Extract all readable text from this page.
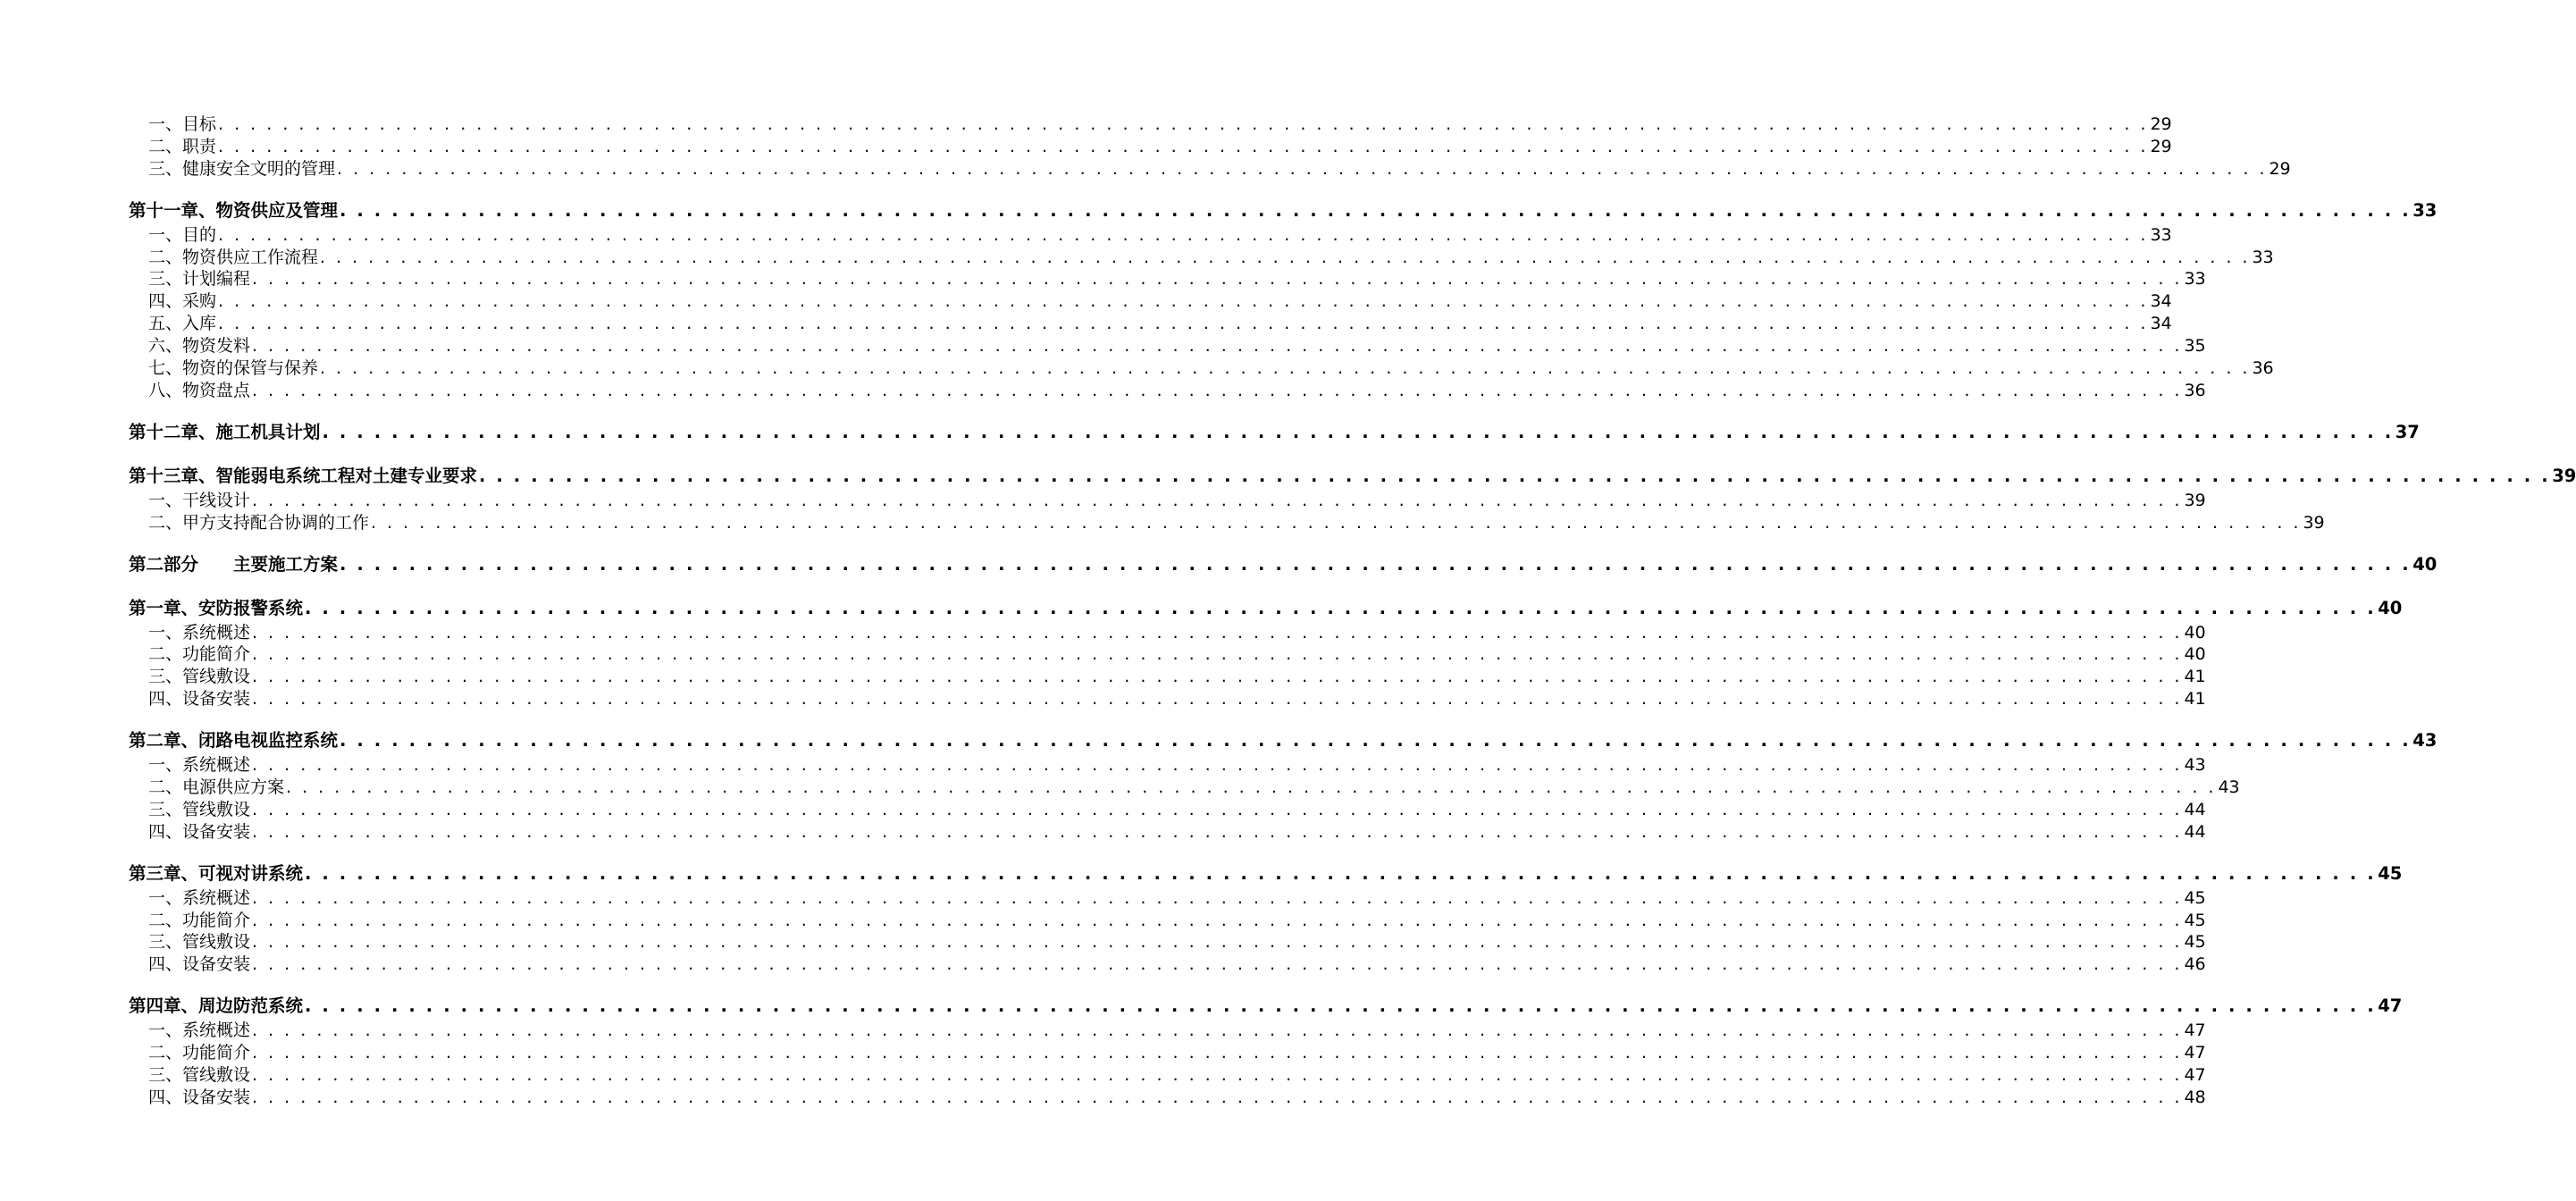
一、目标 . . . . . . . . . . . . . . . . . . . . . . . . . . . . . . . . . . . . . . . . . . . . . . . . . . . . . . . . . . . . . . . . . . . . . . . . . . . . . . . . . . . . . . . . . . . . . . . . . . . . . . . . . . . . . . . . . . . . . . . . 29
二、职责 . . . . . . . . . . . . . . . . . . . . . . . . . . . . . . . . . . . . . . . . . . . . . . . . . . . . . . . . . . . . . . . . . . . . . . . . . . . . . . . . . . . . . . . . . . . . . . . . . . . . . . . . . . . . . . . . . . . . . . . . 29
三、健康安全文明的管理 . . . . . . . . . . . . . . . . . . . . . . . . . . . . . . . . . . . . . . . . . . . . . . . . . . . . . . . . . . . . . . . . . . . . . . . . . . . . . . . . . . . . . . . . . . . . . . . . . . . . . . . . . . . . . . . . . . . . . . . . 29
第十一章、物资供应及管理 . . . . . . . . . . . . . . . . . . . . . . . . . . . . . . . . . . . . . . . . . . . . . . . . . . . . . . . . . . . . . . . . . . . . . . . . . . . . . . . . . . . . . . . . . . . . . . . . . . . . . . . . . . . . . . . . . . . . . . . . 33
一、目的 . . . . . . . . . . . . . . . . . . . . . . . . . . . . . . . . . . . . . . . . . . . . . . . . . . . . . . . . . . . . . . . . . . . . . . . . . . . . . . . . . . . . . . . . . . . . . . . . . . . . . . . . . . . . . . . . . . . . . . . . 33
二、物资供应工作流程 . . . . . . . . . . . . . . . . . . . . . . . . . . . . . . . . . . . . . . . . . . . . . . . . . . . . . . . . . . . . . . . . . . . . . . . . . . . . . . . . . . . . . . . . . . . . . . . . . . . . . . . . . . . . . . . . . . . . . . . . 33
三、计划编程 . . . . . . . . . . . . . . . . . . . . . . . . . . . . . . . . . . . . . . . . . . . . . . . . . . . . . . . . . . . . . . . . . . . . . . . . . . . . . . . . . . . . . . . . . . . . . . . . . . . . . . . . . . . . . . . . . . . . . . . . 33
四、采购 . . . . . . . . . . . . . . . . . . . . . . . . . . . . . . . . . . . . . . . . . . . . . . . . . . . . . . . . . . . . . . . . . . . . . . . . . . . . . . . . . . . . . . . . . . . . . . . . . . . . . . . . . . . . . . . . . . . . . . . . 34
五、入库 . . . . . . . . . . . . . . . . . . . . . . . . . . . . . . . . . . . . . . . . . . . . . . . . . . . . . . . . . . . . . . . . . . . . . . . . . . . . . . . . . . . . . . . . . . . . . . . . . . . . . . . . . . . . . . . . . . . . . . . . 34
六、物资发料 . . . . . . . . . . . . . . . . . . . . . . . . . . . . . . . . . . . . . . . . . . . . . . . . . . . . . . . . . . . . . . . . . . . . . . . . . . . . . . . . . . . . . . . . . . . . . . . . . . . . . . . . . . . . . . . . . . . . . . . . 35
七、物资的保管与保养 . . . . . . . . . . . . . . . . . . . . . . . . . . . . . . . . . . . . . . . . . . . . . . . . . . . . . . . . . . . . . . . . . . . . . . . . . . . . . . . . . . . . . . . . . . . . . . . . . . . . . . . . . . . . . . . . . . . . . . . . 36
八、物资盘点 . . . . . . . . . . . . . . . . . . . . . . . . . . . . . . . . . . . . . . . . . . . . . . . . . . . . . . . . . . . . . . . . . . . . . . . . . . . . . . . . . . . . . . . . . . . . . . . . . . . . . . . . . . . . . . . . . . . . . . . . 36
第十二章、施工机具计划 . . . . . . . . . . . . . . . . . . . . . . . . . . . . . . . . . . . . . . . . . . . . . . . . . . . . . . . . . . . . . . . . . . . . . . . . . . . . . . . . . . . . . . . . . . . . . . . . . . . . . . . . . . . . . . . . . . . . . . . . 37
第十三章、智能弱电系统工程对土建专业要求 . . . . . . . . . . . . . . . . . . . . . . . . . . . . . . . . . . . . . . . . . . . . . . . . . . . . . . . . . . . . . . . . . . . . . . . . . . . . . . . . . . . . . . . . . . . . . . . . . . . . . . . . . . . . . . . . . . . . . . . . 39
一、干线设计 . . . . . . . . . . . . . . . . . . . . . . . . . . . . . . . . . . . . . . . . . . . . . . . . . . . . . . . . . . . . . . . . . . . . . . . . . . . . . . . . . . . . . . . . . . . . . . . . . . . . . . . . . . . . . . . . . . . . . . . . 39
二、甲方支持配合协调的工作 . . . . . . . . . . . . . . . . . . . . . . . . . . . . . . . . . . . . . . . . . . . . . . . . . . . . . . . . . . . . . . . . . . . . . . . . . . . . . . . . . . . . . . . . . . . . . . . . . . . . . . . . . . . . . . . . . . . . . . . . 39
第二部分　　主要施工方案 . . . . . . . . . . . . . . . . . . . . . . . . . . . . . . . . . . . . . . . . . . . . . . . . . . . . . . . . . . . . . . . . . . . . . . . . . . . . . . . . . . . . . . . . . . . . . . . . . . . . . . . . . . . . . . . . . . . . . . . . 40
第一章、安防报警系统 . . . . . . . . . . . . . . . . . . . . . . . . . . . . . . . . . . . . . . . . . . . . . . . . . . . . . . . . . . . . . . . . . . . . . . . . . . . . . . . . . . . . . . . . . . . . . . . . . . . . . . . . . . . . . . . . . . . . . . . . 40
一、系统概述 . . . . . . . . . . . . . . . . . . . . . . . . . . . . . . . . . . . . . . . . . . . . . . . . . . . . . . . . . . . . . . . . . . . . . . . . . . . . . . . . . . . . . . . . . . . . . . . . . . . . . . . . . . . . . . . . . . . . . . . . 40
二、功能简介 . . . . . . . . . . . . . . . . . . . . . . . . . . . . . . . . . . . . . . . . . . . . . . . . . . . . . . . . . . . . . . . . . . . . . . . . . . . . . . . . . . . . . . . . . . . . . . . . . . . . . . . . . . . . . . . . . . . . . . . . 40
三、管线敷设 . . . . . . . . . . . . . . . . . . . . . . . . . . . . . . . . . . . . . . . . . . . . . . . . . . . . . . . . . . . . . . . . . . . . . . . . . . . . . . . . . . . . . . . . . . . . . . . . . . . . . . . . . . . . . . . . . . . . . . . . 41
四、设备安装 . . . . . . . . . . . . . . . . . . . . . . . . . . . . . . . . . . . . . . . . . . . . . . . . . . . . . . . . . . . . . . . . . . . . . . . . . . . . . . . . . . . . . . . . . . . . . . . . . . . . . . . . . . . . . . . . . . . . . . . . 41
第二章、闭路电视监控系统 . . . . . . . . . . . . . . . . . . . . . . . . . . . . . . . . . . . . . . . . . . . . . . . . . . . . . . . . . . . . . . . . . . . . . . . . . . . . . . . . . . . . . . . . . . . . . . . . . . . . . . . . . . . . . . . . . . . . . . . . 43
一、系统概述 . . . . . . . . . . . . . . . . . . . . . . . . . . . . . . . . . . . . . . . . . . . . . . . . . . . . . . . . . . . . . . . . . . . . . . . . . . . . . . . . . . . . . . . . . . . . . . . . . . . . . . . . . . . . . . . . . . . . . . . . 43
二、电源供应方案 . . . . . . . . . . . . . . . . . . . . . . . . . . . . . . . . . . . . . . . . . . . . . . . . . . . . . . . . . . . . . . . . . . . . . . . . . . . . . . . . . . . . . . . . . . . . . . . . . . . . . . . . . . . . . . . . . . . . . . . . 43
三、管线敷设 . . . . . . . . . . . . . . . . . . . . . . . . . . . . . . . . . . . . . . . . . . . . . . . . . . . . . . . . . . . . . . . . . . . . . . . . . . . . . . . . . . . . . . . . . . . . . . . . . . . . . . . . . . . . . . . . . . . . . . . . 44
四、设备安装 . . . . . . . . . . . . . . . . . . . . . . . . . . . . . . . . . . . . . . . . . . . . . . . . . . . . . . . . . . . . . . . . . . . . . . . . . . . . . . . . . . . . . . . . . . . . . . . . . . . . . . . . . . . . . . . . . . . . . . . . 44
第三章、可视对讲系统 . . . . . . . . . . . . . . . . . . . . . . . . . . . . . . . . . . . . . . . . . . . . . . . . . . . . . . . . . . . . . . . . . . . . . . . . . . . . . . . . . . . . . . . . . . . . . . . . . . . . . . . . . . . . . . . . . . . . . . . . 45
一、系统概述 . . . . . . . . . . . . . . . . . . . . . . . . . . . . . . . . . . . . . . . . . . . . . . . . . . . . . . . . . . . . . . . . . . . . . . . . . . . . . . . . . . . . . . . . . . . . . . . . . . . . . . . . . . . . . . . . . . . . . . . . 45
二、功能简介 . . . . . . . . . . . . . . . . . . . . . . . . . . . . . . . . . . . . . . . . . . . . . . . . . . . . . . . . . . . . . . . . . . . . . . . . . . . . . . . . . . . . . . . . . . . . . . . . . . . . . . . . . . . . . . . . . . . . . . . . 45
三、管线敷设 . . . . . . . . . . . . . . . . . . . . . . . . . . . . . . . . . . . . . . . . . . . . . . . . . . . . . . . . . . . . . . . . . . . . . . . . . . . . . . . . . . . . . . . . . . . . . . . . . . . . . . . . . . . . . . . . . . . . . . . . 45
四、设备安装 . . . . . . . . . . . . . . . . . . . . . . . . . . . . . . . . . . . . . . . . . . . . . . . . . . . . . . . . . . . . . . . . . . . . . . . . . . . . . . . . . . . . . . . . . . . . . . . . . . . . . . . . . . . . . . . . . . . . . . . . 46
第四章、周边防范系统 . . . . . . . . . . . . . . . . . . . . . . . . . . . . . . . . . . . . . . . . . . . . . . . . . . . . . . . . . . . . . . . . . . . . . . . . . . . . . . . . . . . . . . . . . . . . . . . . . . . . . . . . . . . . . . . . . . . . . . . . 47
一、系统概述 . . . . . . . . . . . . . . . . . . . . . . . . . . . . . . . . . . . . . . . . . . . . . . . . . . . . . . . . . . . . . . . . . . . . . . . . . . . . . . . . . . . . . . . . . . . . . . . . . . . . . . . . . . . . . . . . . . . . . . . . 47
二、功能简介 . . . . . . . . . . . . . . . . . . . . . . . . . . . . . . . . . . . . . . . . . . . . . . . . . . . . . . . . . . . . . . . . . . . . . . . . . . . . . . . . . . . . . . . . . . . . . . . . . . . . . . . . . . . . . . . . . . . . . . . . 47
三、管线敷设 . . . . . . . . . . . . . . . . . . . . . . . . . . . . . . . . . . . . . . . . . . . . . . . . . . . . . . . . . . . . . . . . . . . . . . . . . . . . . . . . . . . . . . . . . . . . . . . . . . . . . . . . . . . . . . . . . . . . . . . . 47
四、设备安装 . . . . . . . . . . . . . . . . . . . . . . . . . . . . . . . . . . . . . . . . . . . . . . . . . . . . . . . . . . . . . . . . . . . . . . . . . . . . . . . . . . . . . . . . . . . . . . . . . . . . . . . . . . . . . . . . . . . . . . . . 48
